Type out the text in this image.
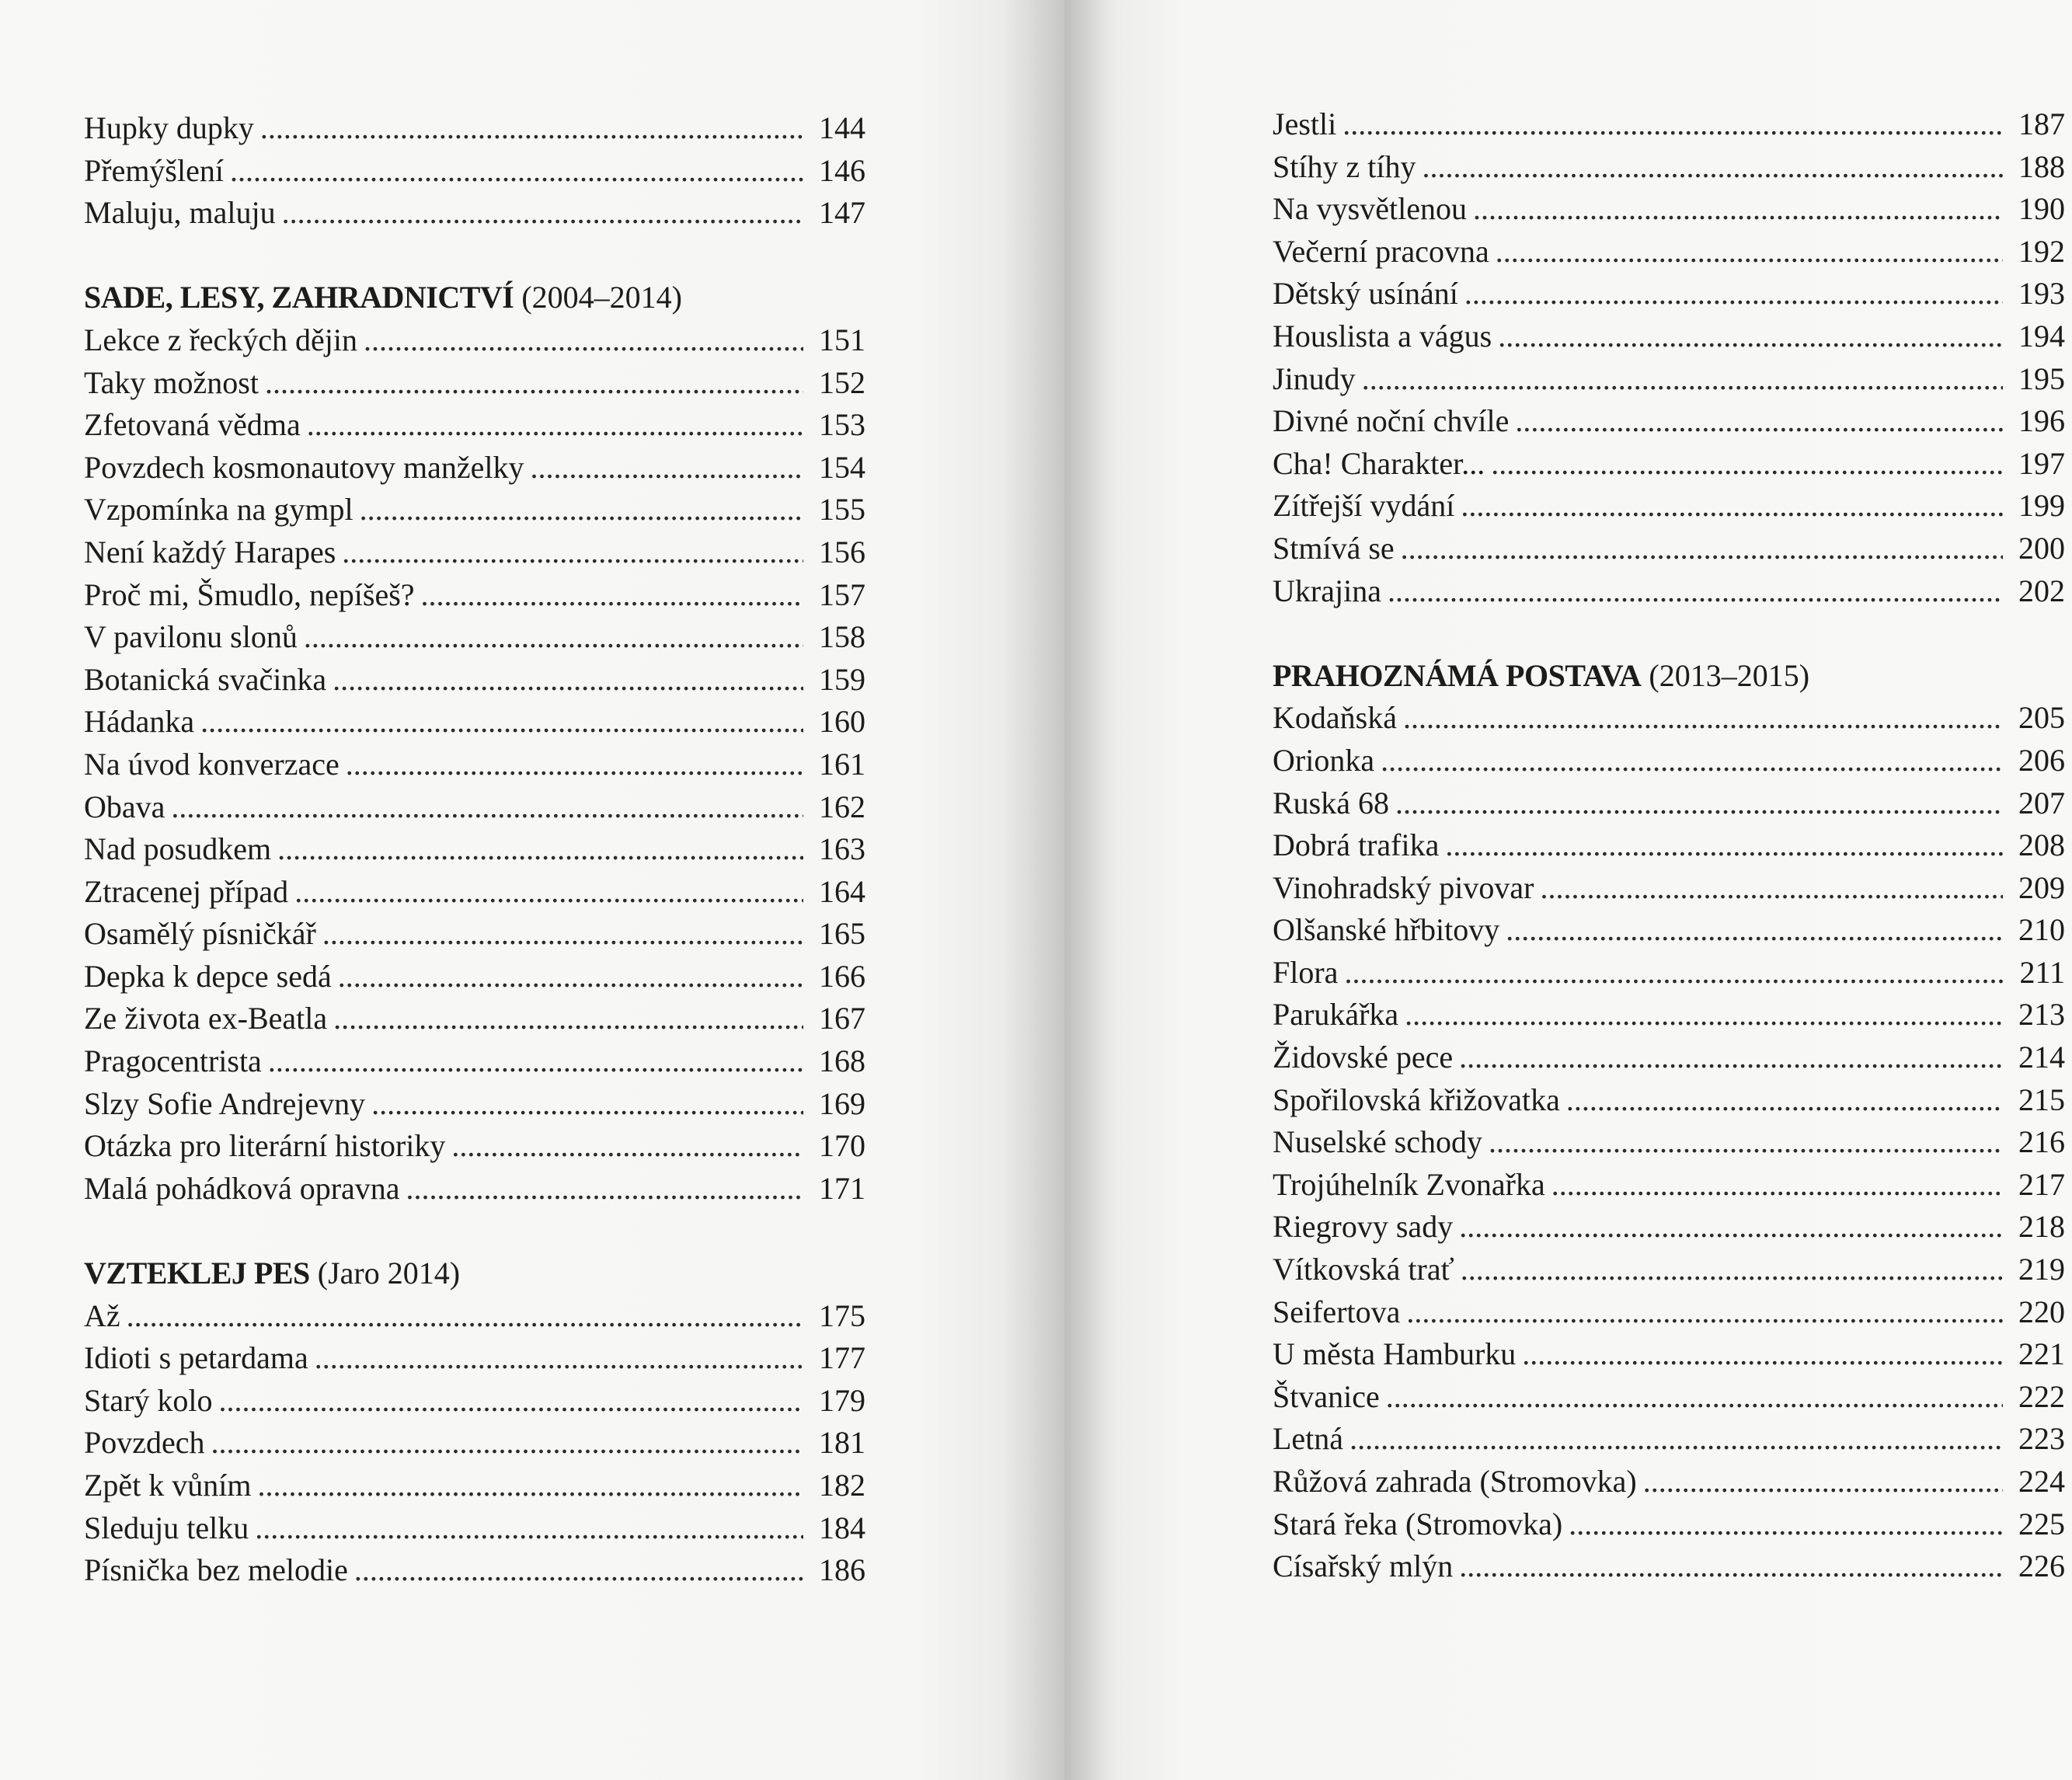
Hupky dupky . . .	144
Přemýšlení . . .	146
Maluju, maluju . . .	147
SADE, LESY, ZAHRADNICTVÍ (2004–2014)
Lekce z řeckých dějin . . .	151
Taky možnost . . .	152
Zfetovaná vědma . . .	153
Povzdech kosmonautovy manželky . . .	154
Vzpomínka na gympl . . .	155
Není každý Harapes . . .	156
Proč mi, Šmudlo, nepíšeš? . . .	157
V pavilonu slonů . . .	158
Botanická svačinka . . .	159
Hádanka . . .	160
Na úvod konverzace . . .	161
Obava . . .	162
Nad posudkem . . .	163
Ztracenej případ . . .	164
Osamělý písničkář . . .	165
Depka k depce sedá . . .	166
Ze života ex-Beatla . . .	167
Pragocentrista . . .	168
Slzy Sofie Andrejevny . . .	169
Otázka pro literární historiky . . .	170
Malá pohádková opravna . . .	171
VZTEKLEJ PES (Jaro 2014)
Až . . .	175
Idioti s petardama . . .	177
Starý kolo . . .	179
Povzdech . . .	181
Zpět k vůním . . .	182
Sleduju telku . . .	184
Písnička bez melodie . . .	186
Jestli . . .	187
Stíhy z tíhy . . .	188
Na vysvětlenou . . .	190
Večerní pracovna . . .	192
Dětský usínání . . .	193
Houslista a vágus . . .	194
Jinudy . . .	195
Divné noční chvíle . . .	196
Cha! Charakter... . . .	197
Zítřejší vydání . . .	199
Stmívá se . . .	200
Ukrajina . . .	202
PRAHOZNÁMÁ POSTAVA (2013–2015)
Kodaňská . . .	205
Orionka . . .	206
Ruská 68 . . .	207
Dobrá trafika . . .	208
Vinohradský pivovar . . .	209
Olšanské hřbitovy . . .	210
Flora . . .	211
Parukářka . . .	213
Židovské pece . . .	214
Spořilovská křižovatka . . .	215
Nuselské schody . . .	216
Trojúhelník Zvonařka . . .	217
Riegrovy sady . . .	218
Vítkovská trať . . .	219
Seifertova . . .	220
U města Hamburku . . .	221
Štvanice . . .	222
Letná . . .	223
Růžová zahrada (Stromovka) . . .	224
Stará řeka (Stromovka) . . .	225
Císařský mlýn . . .	226
